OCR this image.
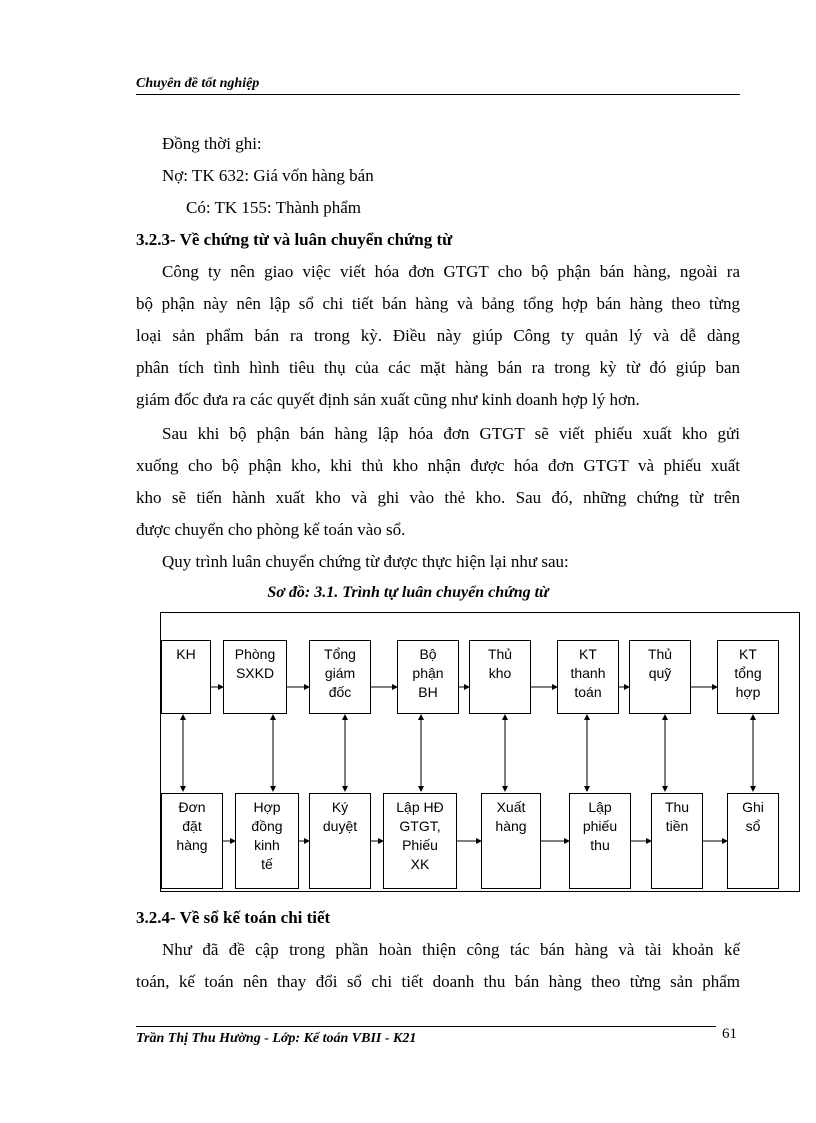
Chuyên đề tốt nghiệp
Đồng thời ghi:
Nợ: TK 632: Giá vốn hàng bán
Có: TK 155: Thành phẩm
3.2.3- Về chứng từ và luân chuyển chứng từ
Công ty nên giao việc viết hóa đơn GTGT cho bộ phận bán hàng, ngoài ra
bộ phận này nên lập sổ chi tiết bán hàng và bảng tổng hợp bán hàng theo từng
loại sản phẩm bán ra trong kỳ. Điều này giúp Công ty quản lý và dễ dàng
phân tích tình hình tiêu thụ của các mặt hàng bán ra trong kỳ từ đó giúp ban
giám đốc đưa ra các quyết định sản xuất cũng như kinh doanh hợp lý hơn.
Sau khi bộ phận bán hàng lập hóa đơn GTGT sẽ viết phiếu xuất kho gửi
xuống cho bộ phận kho, khi thủ kho nhận được hóa đơn GTGT và phiếu xuất
kho sẽ tiến hành xuất kho và ghi vào thẻ kho. Sau đó, những chứng từ trên
được chuyển cho phòng kế toán vào sổ.
Quy trình luân chuyển chứng từ được thực hiện lại như sau:
Sơ đồ: 3.1. Trình tự luân chuyển chứng từ
KH	Phòng
SXKD
Tổng
giám
đốc
Bộ
phận
BH
Thủ
kho
KT
thanh
toán
Thủ
quỹ
KT
tổng
hợp
Đơn
đặt
hàng
Hợp
đồng
kinh
tế
Ký
duyệt
Lập HĐ
GTGT,
Phiếu
XK
Xuất
hàng
Lập
phiếu
thu
Thu
tiền
Ghi
sổ
3.2.4- Về sổ kế toán chi tiết
Như đã đề cập trong phần hoàn thiện công tác bán hàng và tài khoản kế
toán, kế toán nên thay đổi sổ chi tiết doanh thu bán hàng theo từng sản phẩm
Trần Thị Thu Hường - Lớp: Kế toán VBII - K21	61
